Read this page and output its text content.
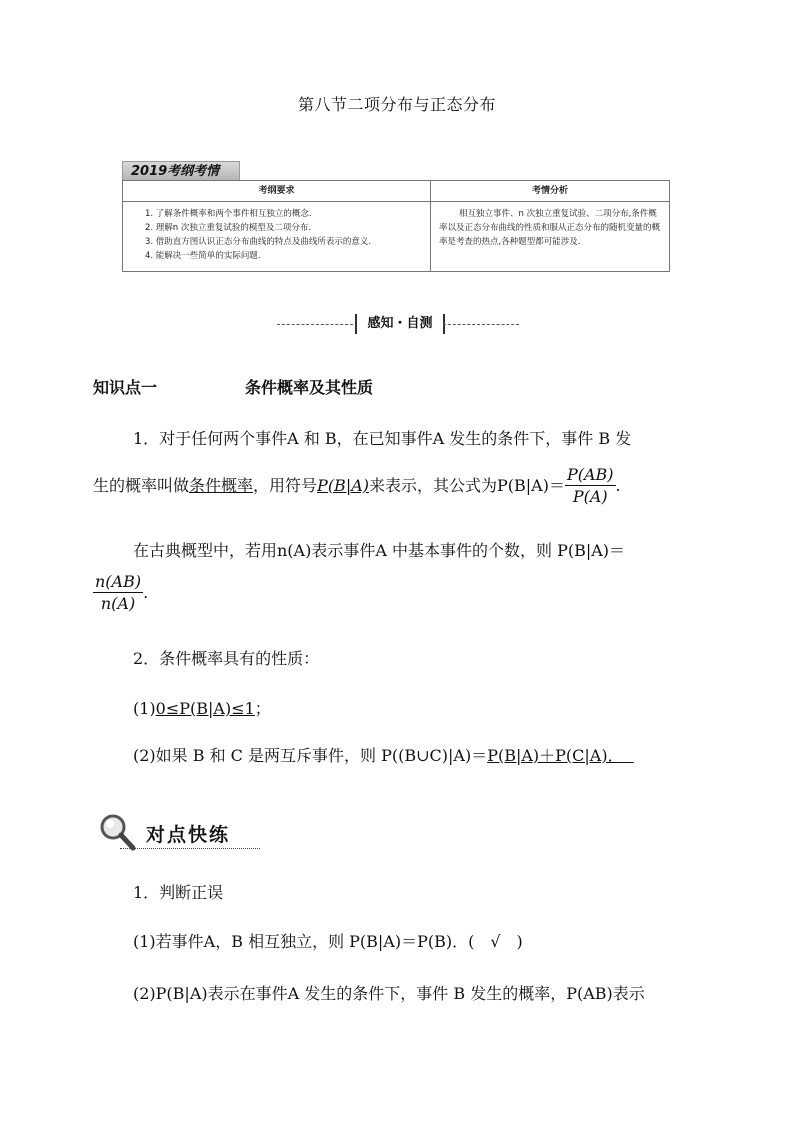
第八节二项分布与正态分布
2019考纲考情
考纲要求	考情分析
1. 了解条件概率和两个事件相互独立的概念.
2. 理解n 次独立重复试验的模型及二项分布.
3. 借助直方图认识正态分布曲线的特点及曲线所表示的意义.
4. 能解决一些简单的实际问题.
相互独立事件、n 次独立重复试验、二项分布,条件概率以及正态分布曲线的性质和服从正态分布的随机变量的概率是考查的热点,各种题型都可能涉及.
感知・自测
知识点一	条件概率及其性质
1．对于任何两个事件A 和 B，在已知事件A 发生的条件下，事件 B 发
生的概率叫做条件概率，用符号P(B|A)来表示，其公式为$P(B|A)= \frac{P(AB)}{P(A)}$ .
在古典概型中，若用n(A)表示事件A 中基本事件的个数，则 P(B|A)＝
$\frac{n(AB)}{n(A)}$ .
2．条件概率具有的性质：
(1)0≤P(B|A)≤1；
(2)如果 B 和 C 是两互斥事件，则 P((B∪C)|A)＝P(B|A)＋P(C|A)．
对点快练
1．判断正误
(1)若事件A，B 相互独立，则 P(B|A)＝P(B)．(　√　)
(2)P(B|A)表示在事件A 发生的条件下，事件 B 发生的概率，P(AB)表示
